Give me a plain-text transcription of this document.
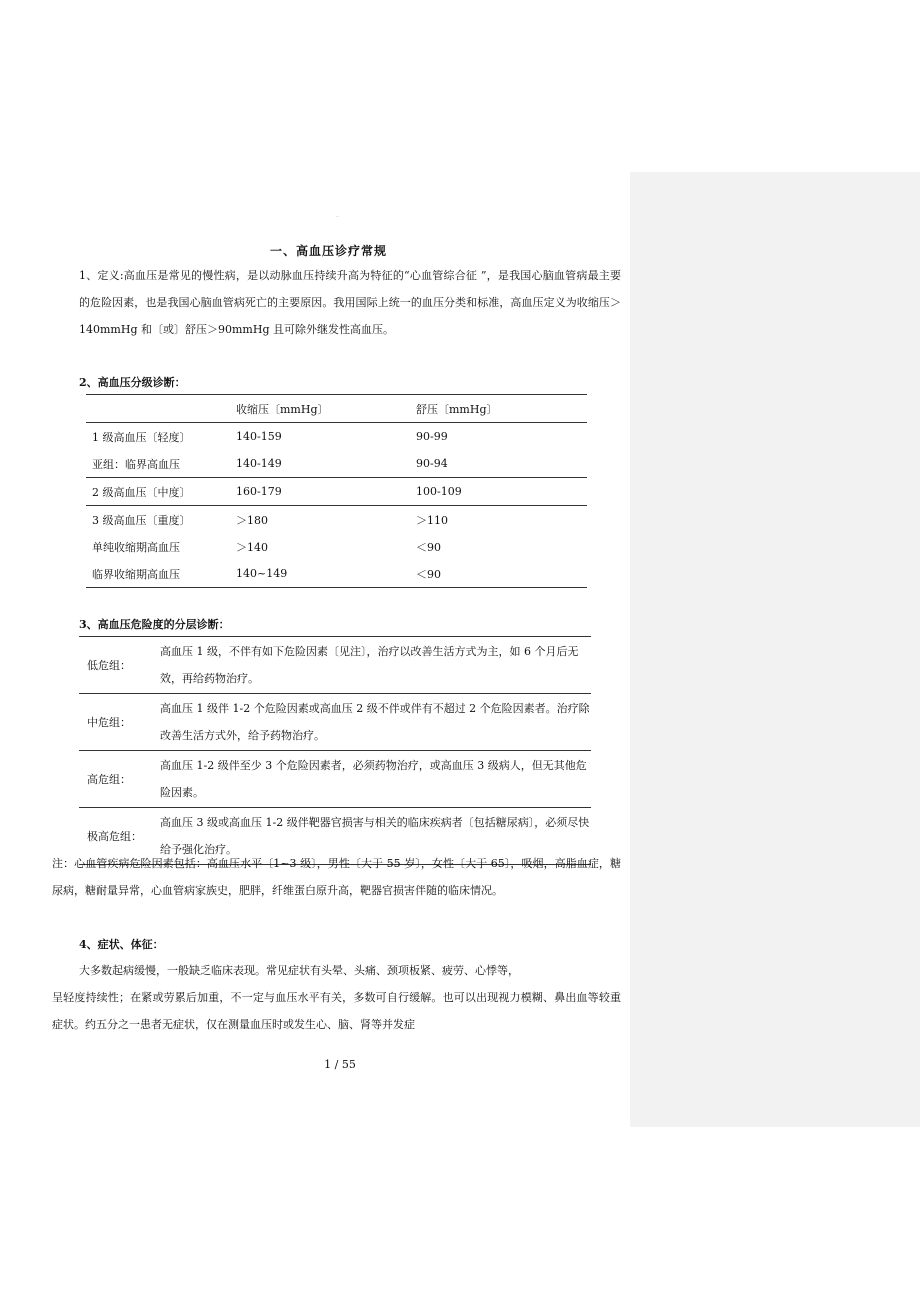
..
一、高血压诊疗常规
1、定义:高血压是常见的慢性病，是以动脉血压持续升高为特征的“心血管综合征 ”，是我国心脑血管病最主要的危险因素，也是我国心脑血管病死亡的主要原因。我用国际上统一的血压分类和标准，高血压定义为收缩压＞140mmHg 和〔或〕舒压＞90mmHg 且可除外继发性高血压。
2、高血压分级诊断：
	收缩压〔mmHg〕	舒压〔mmHg〕
1 级高血压〔轻度〕	140-159	90-99
亚组：临界高血压	140-149	90-94
2 级高血压〔中度〕	160-179	100-109
3 级高血压〔重度〕	＞180	＞110
单纯收缩期高血压	＞140	＜90
临界收缩期高血压	140~149	＜90
3、高血压危险度的分层诊断：
低危组：	高血压 1 级，不伴有如下危险因素〔见注〕，治疗以改善生活方式为主，如 6 个月后无效，再给药物治疗。
中危组：	高血压 1 级伴 1-2 个危险因素或高血压 2 级不伴或伴有不超过 2 个危险因素者。治疗除改善生活方式外，给予药物治疗。
高危组：	高血压 1-2 级伴至少 3 个危险因素者，必须药物治疗，或高血压 3 级病人，但无其他危险因素。
极高危组：	高血压 3 级或高血压 1-2 级伴靶器官损害与相关的临床疾病者〔包括糖尿病〕，必须尽快给予强化治疗。
注：心血管疾病危险因素包括：高血压水平〔1~3 级〕，男性〔大于 55 岁〕，女性〔大于 65〕，吸烟，高脂血症，糖尿病，糖耐量异常，心血管病家族史，肥胖，纤维蛋白原升高，靶器官损害伴随的临床情况。
4、症状、体征：
大多数起病缓慢，一般缺乏临床表现。常见症状有头晕、头痛、颈项板紧、疲劳、心悸等，
呈轻度持续性；在紧或劳累后加重，不一定与血压水平有关，多数可自行缓解。也可以出现视力模糊、鼻出血等较重症状。约五分之一患者无症状，仅在测量血压时或发生心、脑、肾等并发症
1 / 55
